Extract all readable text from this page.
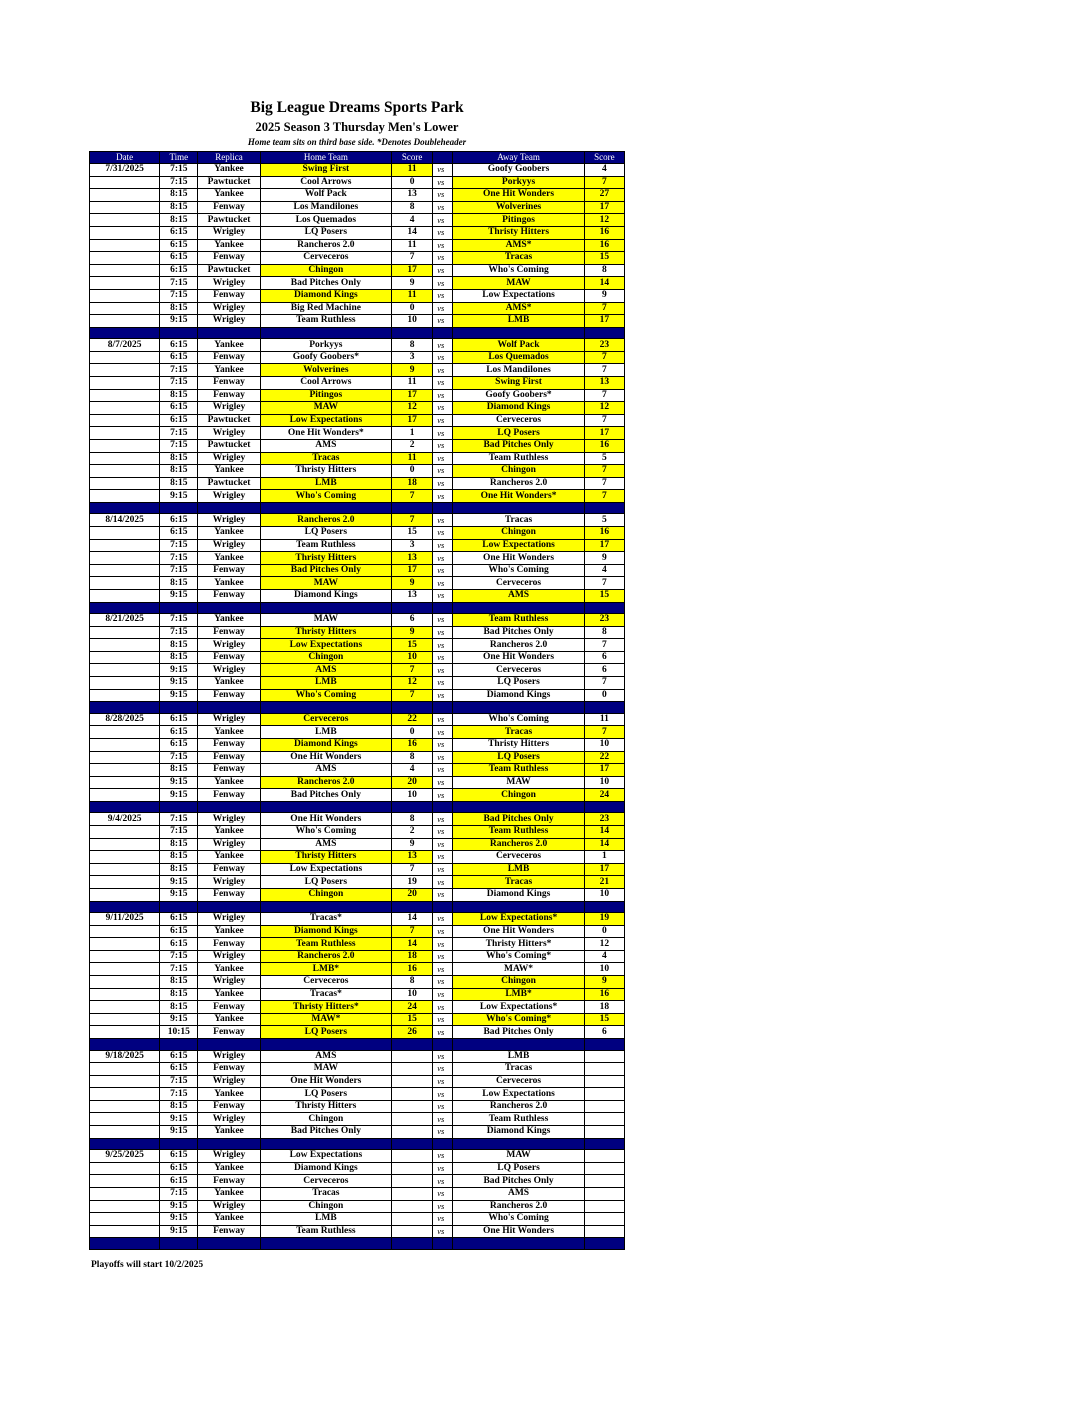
Big League Dreams Sports Park
2025 Season 3 Thursday Men's Lower
Home team sits on third base side. *Denotes Doubleheader
Date	Time	Replica	Home Team	Score		Away Team	Score
7/31/2025	7:15	Yankee	Swing First	11	vs	Goofy Goobers	4
	7:15	Pawtucket	Cool Arrows	0	vs	Porkyys	7
	8:15	Yankee	Wolf Pack	13	vs	One Hit Wonders	27
	8:15	Fenway	Los Mandilones	8	vs	Wolverines	17
	8:15	Pawtucket	Los Quemados	4	vs	Pitingos	12
	6:15	Wrigley	LQ Posers	14	vs	Thristy Hitters	16
	6:15	Yankee	Rancheros 2.0	11	vs	AMS*	16
	6:15	Fenway	Cerveceros	7	vs	Tracas	15
	6:15	Pawtucket	Chingon	17	vs	Who's Coming	8
	7:15	Wrigley	Bad Pitches Only	9	vs	MAW	14
	7:15	Fenway	Diamond Kings	11	vs	Low Expectations	9
	8:15	Wrigley	Big Red Machine	0	vs	AMS*	7
	9:15	Wrigley	Team Ruthless	10	vs	LMB	17

8/7/2025	6:15	Yankee	Porkyys	8	vs	Wolf Pack	23
	6:15	Fenway	Goofy Goobers*	3	vs	Los Quemados	7
	7:15	Yankee	Wolverines	9	vs	Los Mandilones	7
	7:15	Fenway	Cool Arrows	11	vs	Swing First	13
	8:15	Fenway	Pitingos	17	vs	Goofy Goobers*	7
	6:15	Wrigley	MAW	12	vs	Diamond Kings	12
	6:15	Pawtucket	Low Expectations	17	vs	Cerveceros	7
	7:15	Wrigley	One Hit Wonders*	1	vs	LQ Posers	17
	7:15	Pawtucket	AMS	2	vs	Bad Pitches Only	16
	8:15	Wrigley	Tracas	11	vs	Team Ruthless	5
	8:15	Yankee	Thristy Hitters	0	vs	Chingon	7
	8:15	Pawtucket	LMB	18	vs	Rancheros 2.0	7
	9:15	Wrigley	Who's Coming	7	vs	One Hit Wonders*	7

8/14/2025	6:15	Wrigley	Rancheros 2.0	7	vs	Tracas	5
	6:15	Yankee	LQ Posers	15	vs	Chingon	16
	7:15	Wrigley	Team Ruthless	3	vs	Low Expectations	17
	7:15	Yankee	Thristy Hitters	13	vs	One Hit Wonders	9
	7:15	Fenway	Bad Pitches Only	17	vs	Who's Coming	4
	8:15	Yankee	MAW	9	vs	Cerveceros	7
	9:15	Fenway	Diamond Kings	13	vs	AMS	15

8/21/2025	7:15	Yankee	MAW	6	vs	Team Ruthless	23
	7:15	Fenway	Thristy Hitters	9	vs	Bad Pitches Only	8
	8:15	Wrigley	Low Expectations	15	vs	Rancheros 2.0	7
	8:15	Fenway	Chingon	10	vs	One Hit Wonders	6
	9:15	Wrigley	AMS	7	vs	Cerveceros	6
	9:15	Yankee	LMB	12	vs	LQ Posers	7
	9:15	Fenway	Who's Coming	7	vs	Diamond Kings	0

8/28/2025	6:15	Wrigley	Cerveceros	22	vs	Who's Coming	11
	6:15	Yankee	LMB	0	vs	Tracas	7
	6:15	Fenway	Diamond Kings	16	vs	Thristy Hitters	10
	7:15	Fenway	One Hit Wonders	8	vs	LQ Posers	22
	8:15	Fenway	AMS	4	vs	Team Ruthless	17
	9:15	Yankee	Rancheros 2.0	20	vs	MAW	10
	9:15	Fenway	Bad Pitches Only	10	vs	Chingon	24

9/4/2025	7:15	Wrigley	One Hit Wonders	8	vs	Bad Pitches Only	23
	7:15	Yankee	Who's Coming	2	vs	Team Ruthless	14
	8:15	Wrigley	AMS	9	vs	Rancheros 2.0	14
	8:15	Yankee	Thristy Hitters	13	vs	Cerveceros	1
	8:15	Fenway	Low Expectations	7	vs	LMB	17
	9:15	Wrigley	LQ Posers	19	vs	Tracas	21
	9:15	Fenway	Chingon	20	vs	Diamond Kings	10

9/11/2025	6:15	Wrigley	Tracas*	14	vs	Low Expectations*	19
	6:15	Yankee	Diamond Kings	7	vs	One Hit Wonders	0
	6:15	Fenway	Team Ruthless	14	vs	Thristy Hitters*	12
	7:15	Wrigley	Rancheros 2.0	18	vs	Who's Coming*	4
	7:15	Yankee	LMB*	16	vs	MAW*	10
	8:15	Wrigley	Cerveceros	8	vs	Chingon	9
	8:15	Yankee	Tracas*	10	vs	LMB*	16
	8:15	Fenway	Thristy Hitters*	24	vs	Low Expectations*	18
	9:15	Yankee	MAW*	15	vs	Who's Coming*	15
	10:15	Fenway	LQ Posers	26	vs	Bad Pitches Only	6

9/18/2025	6:15	Wrigley	AMS		vs	LMB	
	6:15	Fenway	MAW		vs	Tracas	
	7:15	Wrigley	One Hit Wonders		vs	Cerveceros	
	7:15	Yankee	LQ Posers		vs	Low Expectations	
	8:15	Fenway	Thristy Hitters		vs	Rancheros 2.0	
	9:15	Wrigley	Chingon		vs	Team Ruthless	
	9:15	Yankee	Bad Pitches Only		vs	Diamond Kings	

9/25/2025	6:15	Wrigley	Low Expectations		vs	MAW	
	6:15	Yankee	Diamond Kings		vs	LQ Posers	
	6:15	Fenway	Cerveceros		vs	Bad Pitches Only	
	7:15	Yankee	Tracas		vs	AMS	
	9:15	Wrigley	Chingon		vs	Rancheros 2.0	
	9:15	Yankee	LMB		vs	Who's Coming	
	9:15	Fenway	Team Ruthless		vs	One Hit Wonders	

Playoffs will start 10/2/2025
